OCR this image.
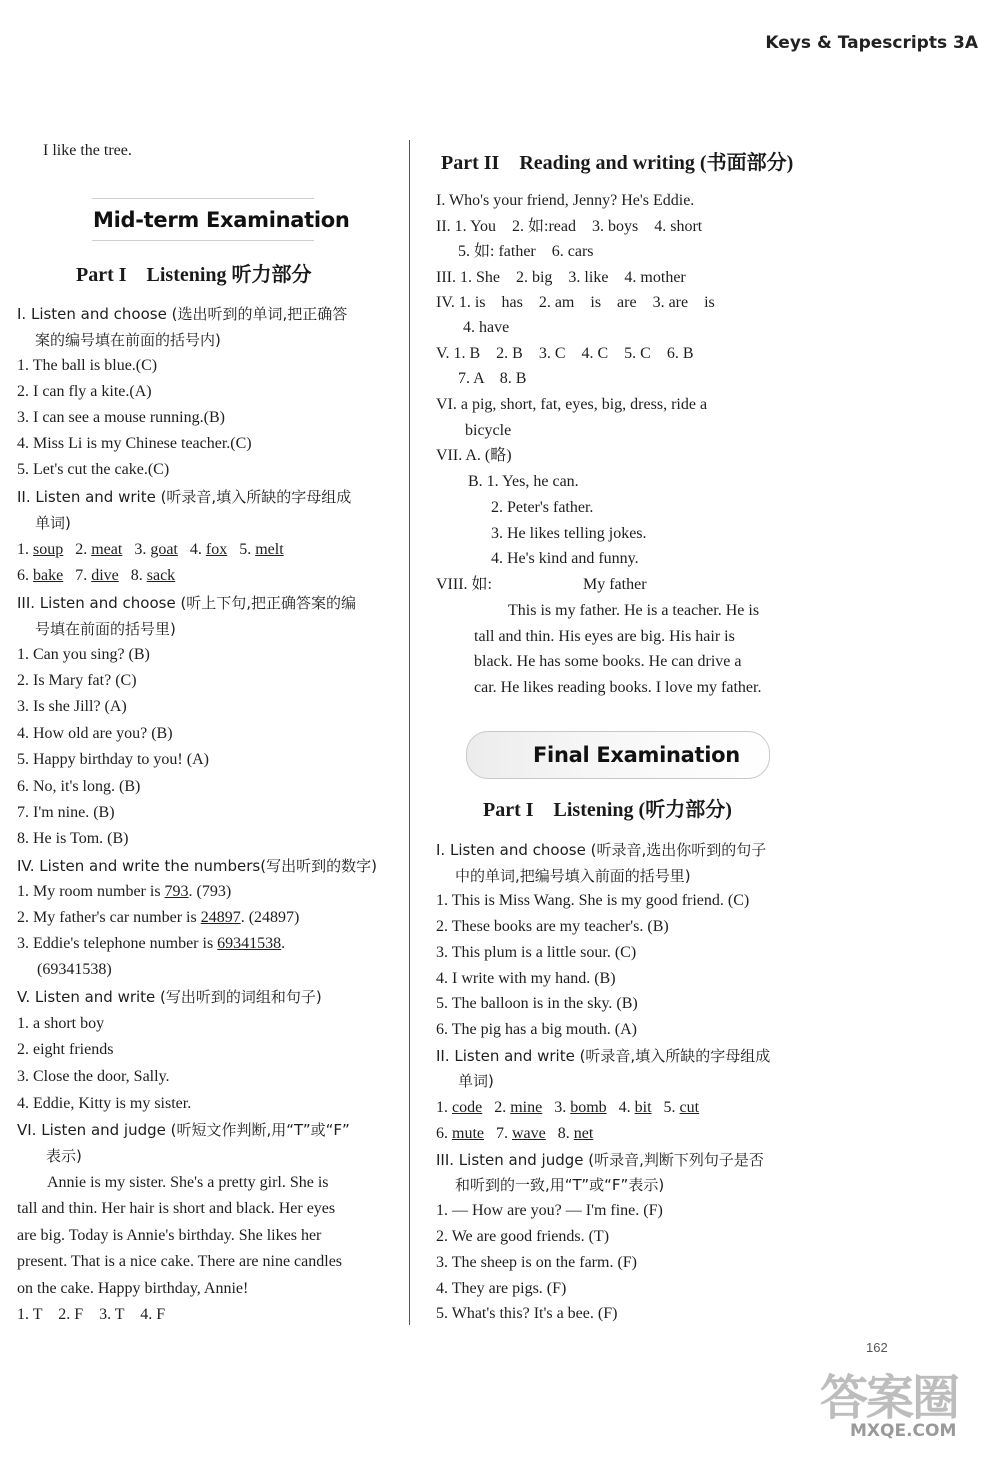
Keys & Tapescripts 3A
I like the tree.
Mid-term Examination
Part I　Listening 听力部分
I. Listen and choose (选出听到的单词,把正确答
案的编号填在前面的括号内)
1. The ball is blue.(C)
2. I can fly a kite.(A)
3. I can see a mouse running.(B)
4. Miss Li is my Chinese teacher.(C)
5. Let's cut the cake.(C)
II. Listen and write (听录音,填入所缺的字母组成
单词)
1. soup 2. meat 3. goat 4. fox 5. melt
6. bake 7. dive 8. sack
III. Listen and choose (听上下句,把正确答案的编
号填在前面的括号里)
1. Can you sing? (B)
2. Is Mary fat? (C)
3. Is she Jill? (A)
4. How old are you? (B)
5. Happy birthday to you! (A)
6. No, it's long. (B)
7. I'm nine. (B)
8. He is Tom. (B)
IV. Listen and write the numbers(写出听到的数字)
1. My room number is 793. (793)
2. My father's car number is 24897. (24897)
3. Eddie's telephone number is 69341538.
(69341538)
V. Listen and write (写出听到的词组和句子)
1. a short boy
2. eight friends
3. Close the door, Sally.
4. Eddie, Kitty is my sister.
VI. Listen and judge (听短文作判断,用“T”或“F”
表示)
Annie is my sister. She's a pretty girl. She is
tall and thin. Her hair is short and black. Her eyes
are big. Today is Annie's birthday. She likes her
present. That is a nice cake. There are nine candles
on the cake. Happy birthday, Annie!
1. T　2. F　3. T　4. F
Part II　Reading and writing (书面部分)
I. Who's your friend, Jenny? He's Eddie.
II. 1. You　2. 如:read　3. boys　4. short
5. 如: father　6. cars
III. 1. She　2. big　3. like　4. mother
IV. 1. is　has　2. am　is　are　3. are　is
4. have
V. 1. B　2. B　3. C　4. C　5. C　6. B
7. A　8. B
VI. a pig, short, fat, eyes, big, dress, ride a
bicycle
VII. A. (略)
B. 1. Yes, he can.
2. Peter's father.
3. He likes telling jokes.
4. He's kind and funny.
VIII. 如:	My father
This is my father. He is a teacher. He is
tall and thin. His eyes are big. His hair is
black. He has some books. He can drive a
car. He likes reading books. I love my father.
Final Examination
Part I　Listening (听力部分)
I. Listen and choose (听录音,选出你听到的句子
中的单词,把编号填入前面的括号里)
1. This is Miss Wang. She is my good friend. (C)
2. These books are my teacher's. (B)
3. This plum is a little sour. (C)
4. I write with my hand. (B)
5. The balloon is in the sky. (B)
6. The pig has a big mouth. (A)
II. Listen and write (听录音,填入所缺的字母组成
单词)
1. code 2. mine 3. bomb 4. bit 5. cut
6. mute 7. wave 8. net
III. Listen and judge (听录音,判断下列句子是否
和听到的一致,用“T”或“F”表示)
1. — How are you? — I'm fine. (F)
2. We are good friends. (T)
3. The sheep is on the farm. (F)
4. They are pigs. (F)
5. What's this? It's a bee. (F)
162
答案圈
MXQE.COM
